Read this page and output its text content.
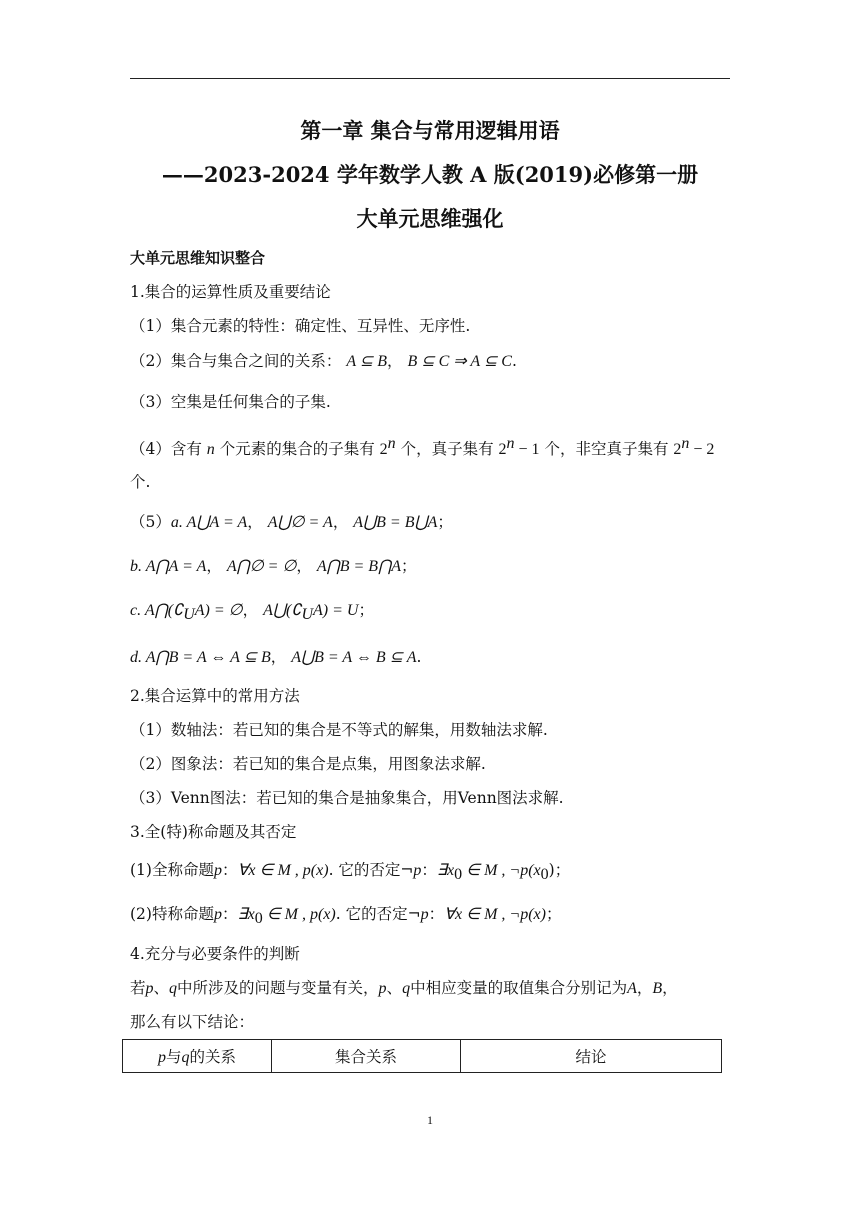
第一章 集合与常用逻辑用语
——2023-2024 学年数学人教 A 版(2019)必修第一册
大单元思维强化
大单元思维知识整合
1.集合的运算性质及重要结论
（1）集合元素的特性：确定性、互异性、无序性.
（2）集合与集合之间的关系： A ⊆ B， B ⊆ C ⇒ A ⊆ C.
（3）空集是任何集合的子集.
（4）含有 n 个元素的集合的子集有 2$^n$ 个，真子集有 $2^n - 1$ 个，非空真子集有 $2^n - 2$
个.
（5）a. A⋃A = A， A⋃∅ = A， A⋃B = B⋃A；
b. A⋂A = A， A⋂∅ = ∅， A⋂B = B⋂A；
c. $A⋂(∁_UA)$ = ∅， $A⋃(∁_UA) = U$；
d. A⋂B = A ⇔ A ⊆ B， A⋃B = A ⇔ B ⊆ A.
2.集合运算中的常用方法
（1）数轴法：若已知的集合是不等式的解集，用数轴法求解.
（2）图象法：若已知的集合是点集，用图象法求解.
（3）Venn图法：若已知的集合是抽象集合，用Venn图法求解.
3.全(特)称命题及其否定
(1)全称命题p：∀x ∈ M , p(x). 它的否定¬p：$\exists x_0$ ∈ M , $\neg p(x_0)$；
(2)特称命题p：$\exists x_0$ ∈ M , p(x). 它的否定¬p：∀x ∈ M , ¬p(x)；
4.充分与必要条件的判断
若p、q中所涉及的问题与变量有关，p、q中相应变量的取值集合分别记为A，B，
那么有以下结论：
p与q的关系	集合关系	结论
1
